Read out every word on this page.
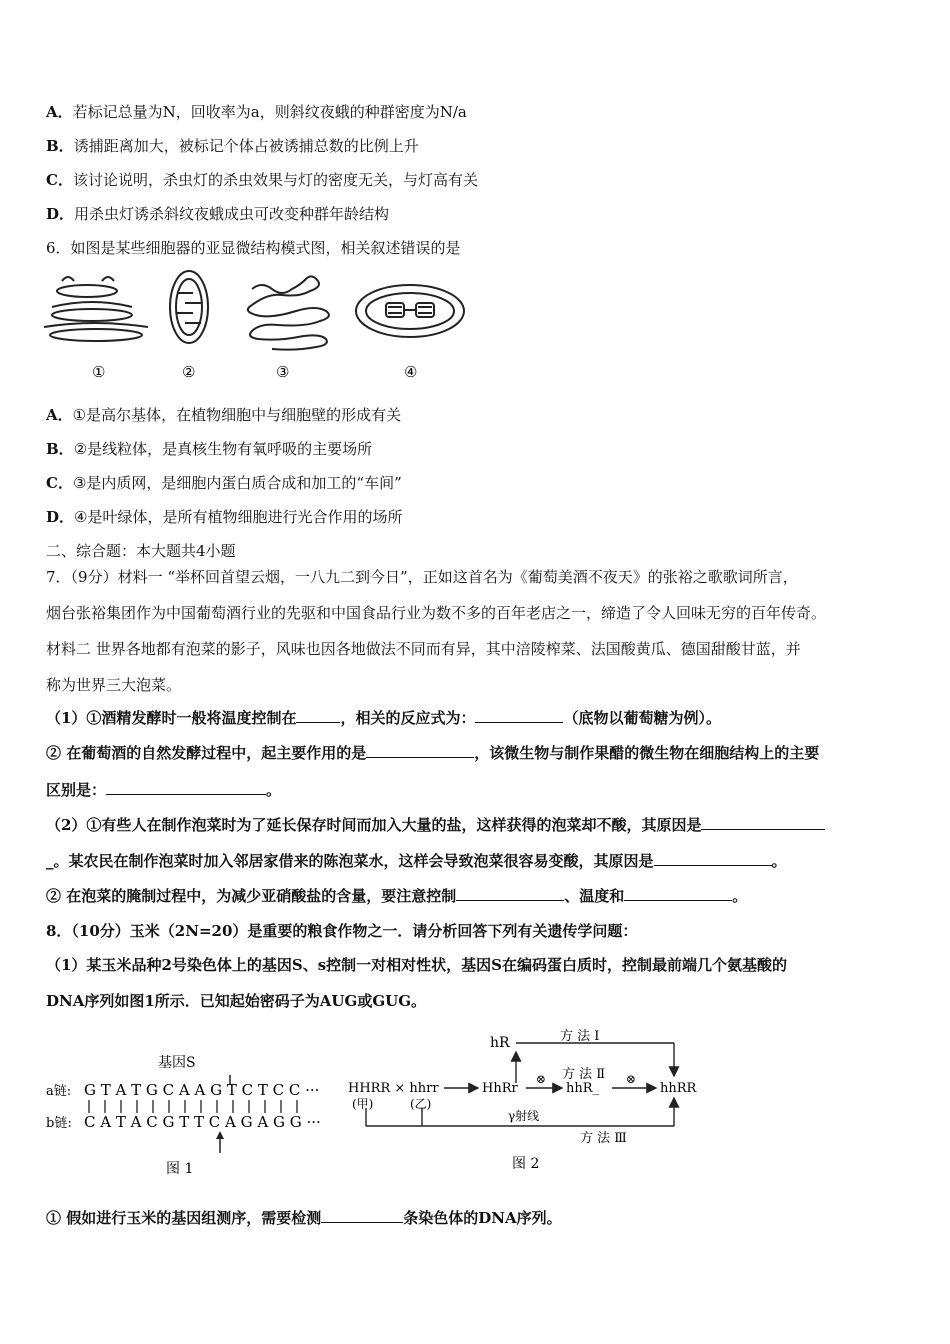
A．若标记总量为N，回收率为a，则斜纹夜蛾的种群密度为N/a
B．诱捕距离加大，被标记个体占被诱捕总数的比例上升
C．该讨论说明，杀虫灯的杀虫效果与灯的密度无关，与灯高有关
D．用杀虫灯诱杀斜纹夜蛾成虫可改变种群年龄结构
6．如图是某些细胞器的亚显微结构模式图，相关叙述错误的是
①	②	③	④
A．①是高尔基体，在植物细胞中与细胞壁的形成有关
B．②是线粒体，是真核生物有氧呼吸的主要场所
C．③是内质网，是细胞内蛋白质合成和加工的“车间”
D．④是叶绿体，是所有植物细胞进行光合作用的场所
二、综合题：本大题共4小题
7．（9分）材料一 “举杯回首望云烟，一八九二到今日”，正如这首名为《葡萄美酒不夜天》的张裕之歌歌词所言，
烟台张裕集团作为中国葡萄酒行业的先驱和中国食品行业为数不多的百年老店之一，缔造了令人回味无穷的百年传奇。
材料二 世界各地都有泡菜的影子，风味也因各地做法不同而有异，其中涪陵榨菜、法国酸黄瓜、德国甜酸甘蓝，并
称为世界三大泡菜。
（1）①酒精发酵时一般将温度控制在	，相关的反应式为：	（底物以葡萄糖为例）。
② 在葡萄酒的自然发酵过程中，起主要作用的是	，该微生物与制作果醋的微生物在细胞结构上的主要
区别是：	。
（2）①有些人在制作泡菜时为了延长保存时间而加入大量的盐，这样获得的泡菜却不酸，其原因是
_。某农民在制作泡菜时加入邻居家借来的陈泡菜水，这样会导致泡菜很容易变酸，其原因是	。
② 在泡菜的腌制过程中，为减少亚硝酸盐的含量，要注意控制	、温度和	。
8．（10分）玉米（2N=20）是重要的粮食作物之一．请分析回答下列有关遗传学问题：
（1）某玉米品种2号染色体上的基因S、s控制一对相对性状，基因S在编码蛋白质时，控制最前端几个氨基酸的
DNA序列如图1所示．已知起始密码子为AUG或GUG。
基因S
a链: G T A T G C A A G T C T C C ···
b链: C A T A C G T T C A G A G G ···
图 1
方 法 Ⅰ
hR
方 法 Ⅱ
HHRR × hhrr
(甲)	(乙)
HhRr
⊗
hhR_
⊗
hhRR
γ射线
方 法 Ⅲ
图 2
① 假如进行玉米的基因组测序，需要检测	条染色体的DNA序列。
